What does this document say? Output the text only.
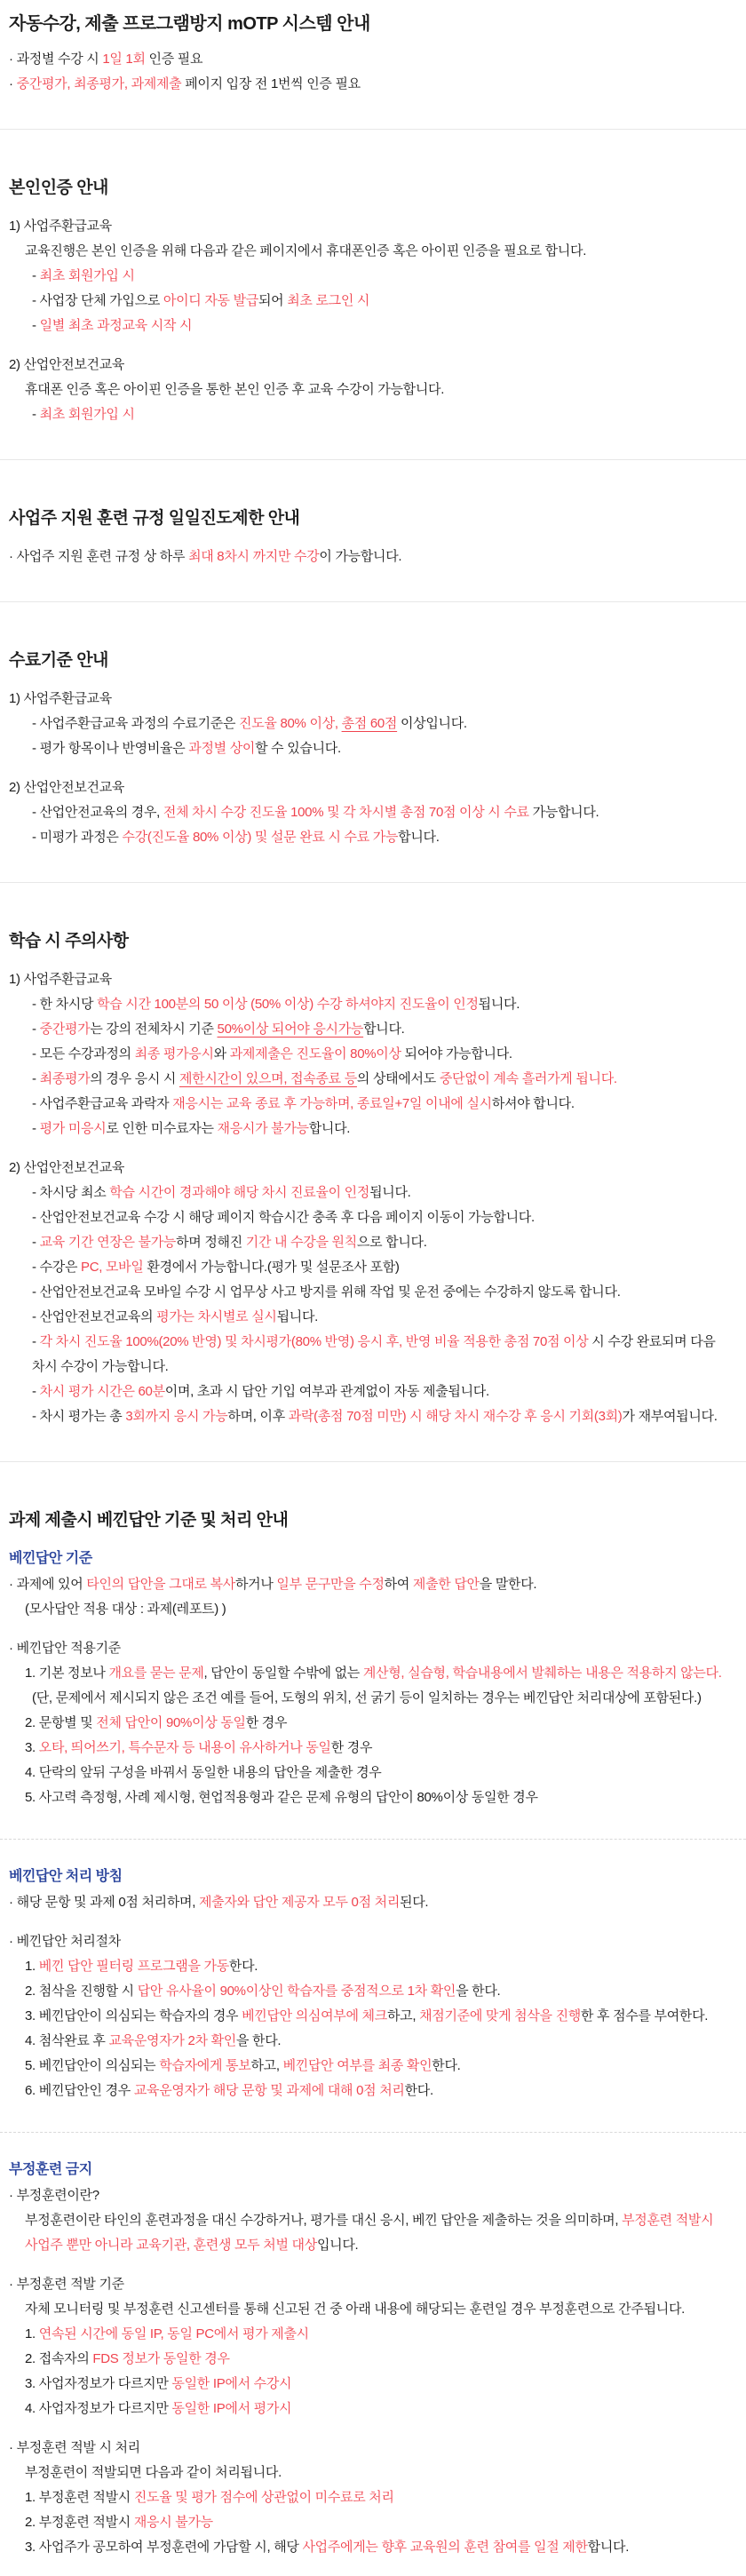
자동수강, 제출 프로그램방지 mOTP 시스템 안내
· 과정별 수강 시 1일 1회 인증 필요
· 중간평가, 최종평가, 과제제출 페이지 입장 전 1번씩 인증 필요
본인인증 안내
1) 사업주환급교육
교육진행은 본인 인증을 위해 다음과 같은 페이지에서 휴대폰인증 혹은 아이핀 인증을 필요로 합니다.
- 최초 회원가입 시
- 사업장 단체 가입으로 아이디 자동 발급되어 최초 로그인 시
- 일별 최초 과정교육 시작 시
2) 산업안전보건교육
휴대폰 인증 혹은 아이핀 인증을 통한 본인 인증 후 교육 수강이 가능합니다.
- 최초 회원가입 시
사업주 지원 훈련 규정 일일진도제한 안내
· 사업주 지원 훈련 규정 상 하루 최대 8차시 까지만 수강이 가능합니다.
수료기준 안내
1) 사업주환급교육
- 사업주환급교육 과정의 수료기준은 진도율 80% 이상, 총점 60점 이상입니다.
- 평가 항목이나 반영비율은 과정별 상이할 수 있습니다.
2) 산업안전보건교육
- 산업안전교육의 경우, 전체 차시 수강 진도율 100% 및 각 차시별 총점 70점 이상 시 수료 가능합니다.
- 미평가 과정은 수강(진도율 80% 이상) 및 설문 완료 시 수료 가능합니다.
학습 시 주의사항
1) 사업주환급교육
- 한 차시당 학습 시간 100분의 50 이상 (50% 이상) 수강 하셔야지 진도율이 인정됩니다.
- 중간평가는 강의 전체차시 기준 50%이상 되어야 응시가능합니다.
- 모든 수강과정의 최종 평가응시와 과제제출은 진도율이 80%이상 되어야 가능합니다.
- 최종평가의 경우 응시 시 제한시간이 있으며, 접속종료 등의 상태에서도 중단없이 계속 흘러가게 됩니다.
- 사업주환급교육 과락자 재응시는 교육 종료 후 가능하며, 종료일+7일 이내에 실시하셔야 합니다.
- 평가 미응시로 인한 미수료자는 재응시가 불가능합니다.
2) 산업안전보건교육
- 차시당 최소 학습 시간이 경과해야 해당 차시 진료율이 인정됩니다.
- 산업안전보건교육 수강 시 해당 페이지 학습시간 충족 후 다음 페이지 이동이 가능합니다.
- 교육 기간 연장은 불가능하며 정해진 기간 내 수강을 원칙으로 합니다.
- 수강은 PC, 모바일 환경에서 가능합니다.(평가 및 설문조사 포함)
- 산업안전보건교육 모바일 수강 시 업무상 사고 방지를 위해 작업 및 운전 중에는 수강하지 않도록 합니다.
- 산업안전보건교육의 평가는 차시별로 실시됩니다.
- 각 차시 진도율 100%(20% 반영) 및 차시평가(80% 반영) 응시 후, 반영 비율 적용한 총점 70점 이상 시 수강 완료되며 다음 차시 수강이 가능합니다.
- 차시 평가 시간은 60분이며, 초과 시 답안 기입 여부과 관계없이 자동 제출됩니다.
- 차시 평가는 총 3회까지 응시 가능하며, 이후 과락(총점 70점 미만) 시 해당 차시 재수강 후 응시 기회(3회)가 재부여됩니다.
과제 제출시 베낀답안 기준 및 처리 안내
베낀답안 기준
· 과제에 있어 타인의 답안을 그대로 복사하거나 일부 문구만을 수정하여 제출한 답안을 말한다.
(모사답안 적용 대상 : 과제(레포트) )
· 베낀답안 적용기준
1. 기본 정보나 개요를 묻는 문제, 답안이 동일할 수밖에 없는 계산형, 실습형, 학습내용에서 발췌하는 내용은 적용하지 않는다.
(단, 문제에서 제시되지 않은 조건 예를 들어, 도형의 위치, 선 굵기 등이 일치하는 경우는 베낀답안 처리대상에 포함된다.)
2. 문항별 및 전체 답안이 90%이상 동일한 경우
3. 오타, 띄어쓰기, 특수문자 등 내용이 유사하거나 동일한 경우
4. 단락의 앞뒤 구성을 바꿔서 동일한 내용의 답안을 제출한 경우
5. 사고력 측정형, 사례 제시형, 현업적용형과 같은 문제 유형의 답안이 80%이상 동일한 경우
베낀답안 처리 방침
· 해당 문항 및 과제 0점 처리하며, 제출자와 답안 제공자 모두 0점 처리된다.
· 베낀답안 처리절차
1. 베낀 답안 필터링 프로그램을 가동한다.
2. 첨삭을 진행할 시 답안 유사율이 90%이상인 학습자를 중점적으로 1차 확인을 한다.
3. 베낀답안이 의심되는 학습자의 경우 베낀답안 의심여부에 체크하고, 채점기준에 맞게 첨삭을 진행한 후 점수를 부여한다.
4. 첨삭완료 후 교육운영자가 2차 확인을 한다.
5. 베낀답안이 의심되는 학습자에게 통보하고, 베낀답안 여부를 최종 확인한다.
6. 베낀답안인 경우 교육운영자가 해당 문항 및 과제에 대해 0점 처리한다.
부정훈련 금지
· 부정훈련이란?
부정훈련이란 타인의 훈련과정을 대신 수강하거나, 평가를 대신 응시, 베낀 답안을 제출하는 것을 의미하며, 부정훈련 적발시 사업주 뿐만 아니라 교육기관, 훈련생 모두 처벌 대상입니다.
· 부정훈련 적발 기준
자체 모니터링 및 부정훈련 신고센터를 통해 신고된 건 중 아래 내용에 해당되는 훈련일 경우 부정훈련으로 간주됩니다.
1. 연속된 시간에 동일 IP, 동일 PC에서 평가 제출시
2. 접속자의 FDS 정보가 동일한 경우
3. 사업자정보가 다르지만 동일한 IP에서 수강시
4. 사업자정보가 다르지만 동일한 IP에서 평가시
· 부정훈련 적발 시 처리
부정훈련이 적발되면 다음과 같이 처리됩니다.
1. 부정훈련 적발시 진도율 및 평가 점수에 상관없이 미수료로 처리
2. 부정훈련 적발시 재응시 불가능
3. 사업주가 공모하여 부정훈련에 가담할 시, 해당 사업주에게는 향후 교육원의 훈련 참여를 일절 제한합니다.
